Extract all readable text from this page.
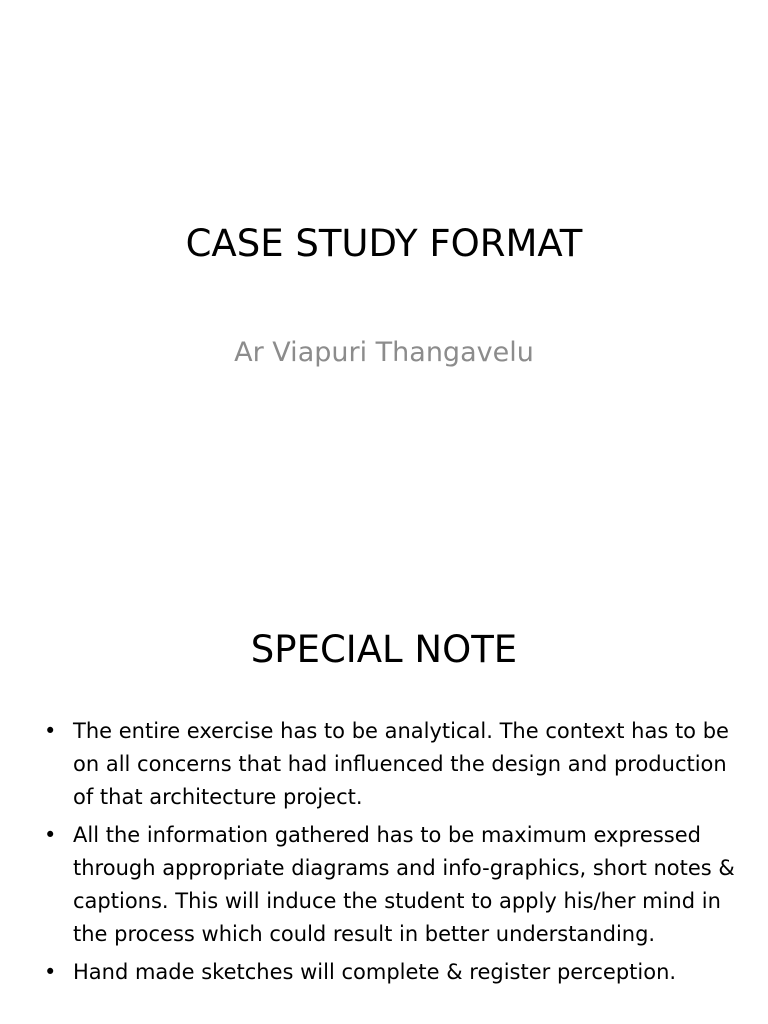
CASE STUDY FORMAT

Ar Viapuri Thangavelu

SPECIAL NOTE
• The entire exercise has to be analytical. The context has to be on all concerns that had influenced the design and production of that architecture project.
• All the information gathered has to be maximum expressed through appropriate diagrams and info-graphics, short notes & captions. This will induce the student to apply his/her mind in the process which could result in better understanding.
• Hand made sketches will complete & register perception.
